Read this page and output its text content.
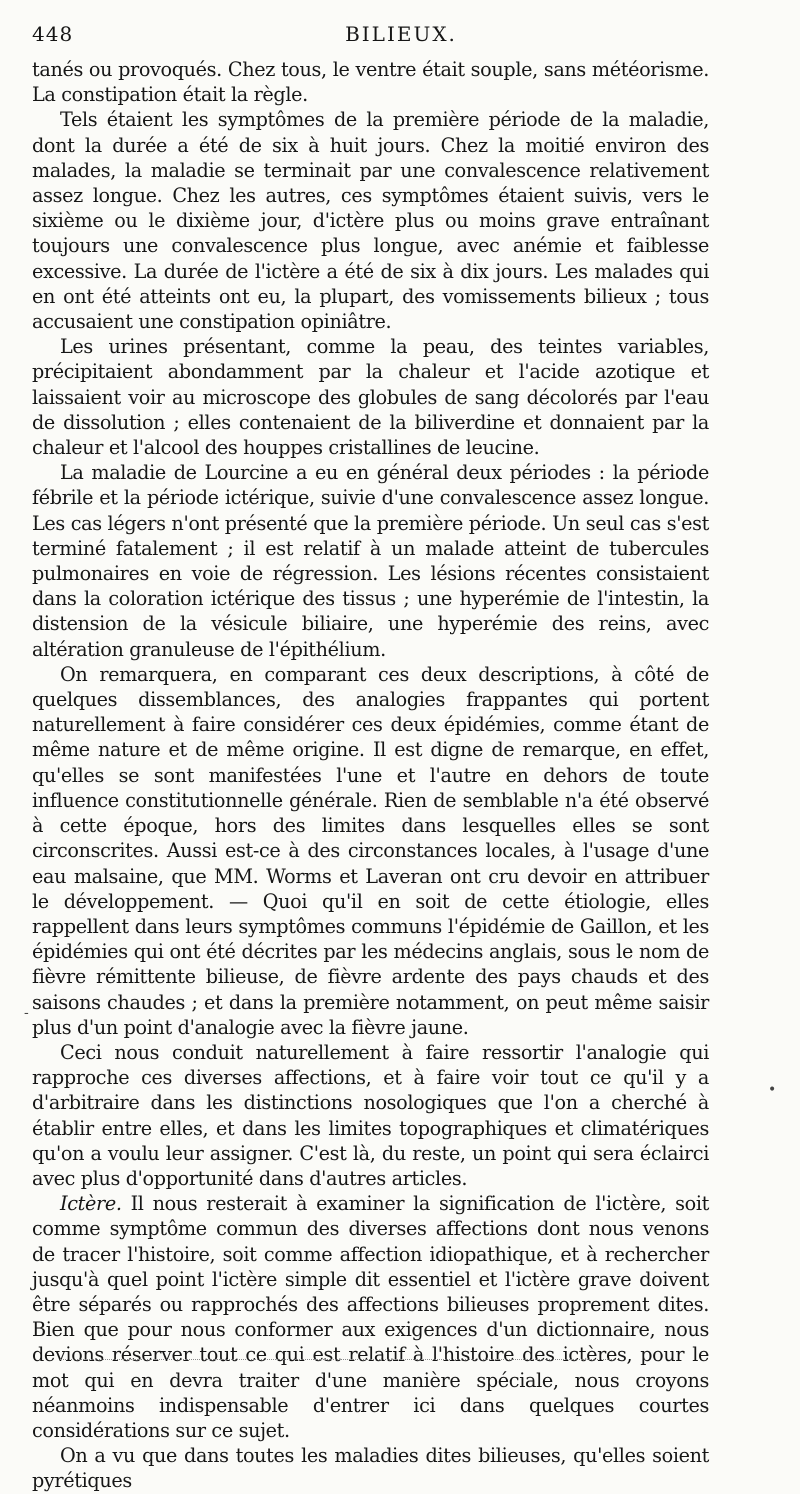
448	BILIEUX.

tanés ou provoqués. Chez tous, le ventre était souple, sans météorisme. La constipation était la règle.

Tels étaient les symptômes de la première période de la maladie, dont la durée a été de six à huit jours. Chez la moitié environ des malades, la maladie se terminait par une convalescence relativement assez longue. Chez les autres, ces symptômes étaient suivis, vers le sixième ou le dixième jour, d'ictère plus ou moins grave entraînant toujours une convalescence plus longue, avec anémie et faiblesse excessive. La durée de l'ictère a été de six à dix jours. Les malades qui en ont été atteints ont eu, la plupart, des vomissements bilieux ; tous accusaient une constipation opiniâtre.

Les urines présentant, comme la peau, des teintes variables, précipitaient abondamment par la chaleur et l'acide azotique et laissaient voir au microscope des globules de sang décolorés par l'eau de dissolution ; elles contenaient de la biliverdine et donnaient par la chaleur et l'alcool des houppes cristallines de leucine.

La maladie de Lourcine a eu en général deux périodes : la période fébrile et la période ictérique, suivie d'une convalescence assez longue. Les cas légers n'ont présenté que la première période. Un seul cas s'est terminé fatalement ; il est relatif à un malade atteint de tubercules pulmonaires en voie de régression. Les lésions récentes consistaient dans la coloration ictérique des tissus ; une hyperémie de l'intestin, la distension de la vésicule biliaire, une hyperémie des reins, avec altération granuleuse de l'épithélium.

On remarquera, en comparant ces deux descriptions, à côté de quelques dissemblances, des analogies frappantes qui portent naturellement à faire considérer ces deux épidémies, comme étant de même nature et de même origine. Il est digne de remarque, en effet, qu'elles se sont manifestées l'une et l'autre en dehors de toute influence constitutionnelle générale. Rien de semblable n'a été observé à cette époque, hors des limites dans lesquelles elles se sont circonscrites. Aussi est-ce à des circonstances locales, à l'usage d'une eau malsaine, que MM. Worms et Laveran ont cru devoir en attribuer le développement. — Quoi qu'il en soit de cette étiologie, elles rappellent dans leurs symptômes communs l'épidémie de Gaillon, et les épidémies qui ont été décrites par les médecins anglais, sous le nom de fièvre rémittente bilieuse, de fièvre ardente des pays chauds et des saisons chaudes ; et dans la première notamment, on peut même saisir plus d'un point d'analogie avec la fièvre jaune.

Ceci nous conduit naturellement à faire ressortir l'analogie qui rapproche ces diverses affections, et à faire voir tout ce qu'il y a d'arbitraire dans les distinctions nosologiques que l'on a cherché à établir entre elles, et dans les limites topographiques et climatériques qu'on a voulu leur assigner. C'est là, du reste, un point qui sera éclairci avec plus d'opportunité dans d'autres articles.

Ictère. Il nous resterait à examiner la signification de l'ictère, soit comme symptôme commun des diverses affections dont nous venons de tracer l'histoire, soit comme affection idiopathique, et à rechercher jusqu'à quel point l'ictère simple dit essentiel et l'ictère grave doivent être séparés ou rapprochés des affections bilieuses proprement dites. Bien que pour nous conformer aux exigences d'un dictionnaire, nous devions réserver tout ce qui est relatif à l'histoire des ictères, pour le mot qui en devra traiter d'une manière spéciale, nous croyons néanmoins indispensable d'entrer ici dans quelques courtes considérations sur ce sujet.

On a vu que dans toutes les maladies dites bilieuses, qu'elles soient pyrétiques

-
•
